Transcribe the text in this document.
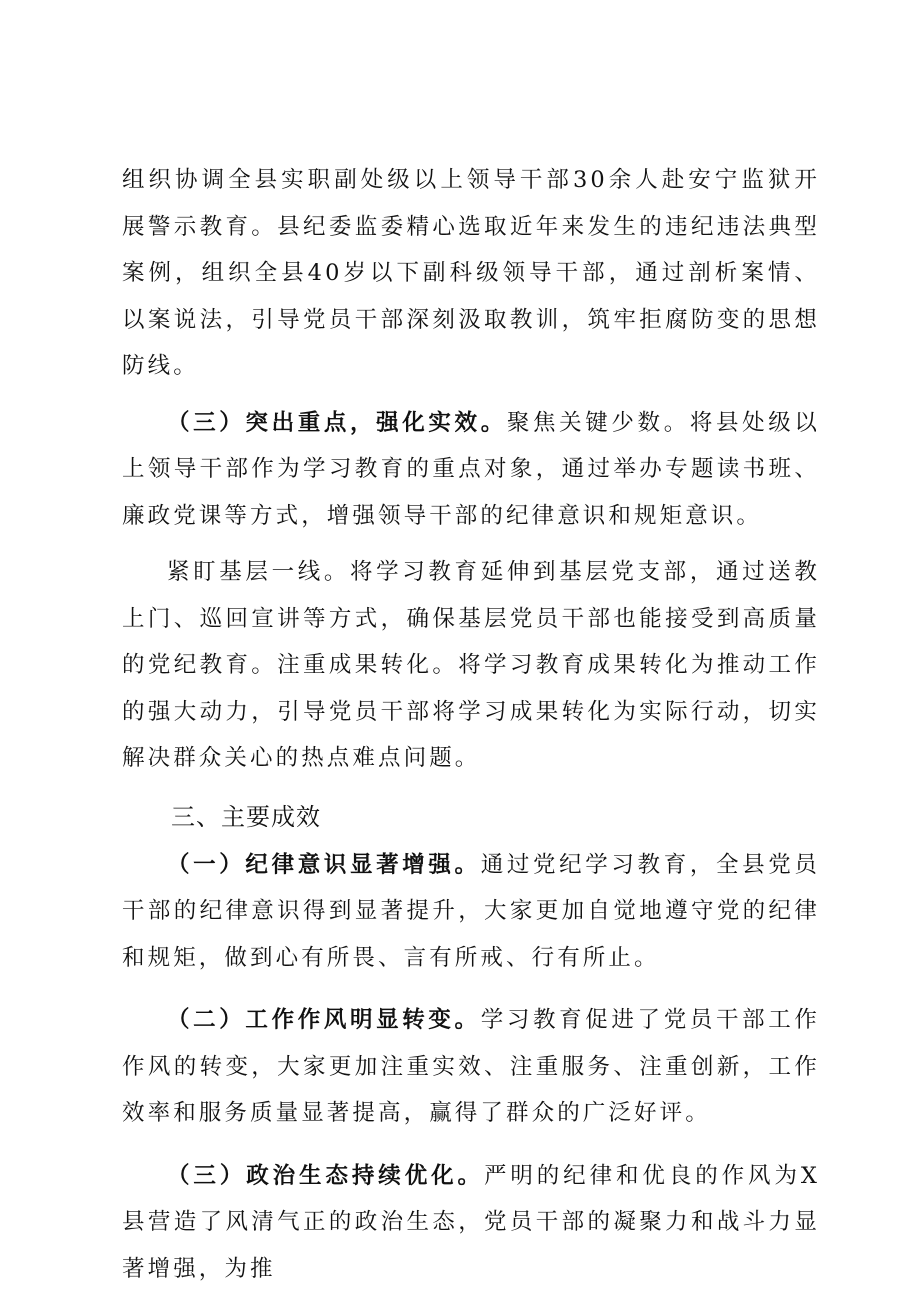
组织协调全县实职副处级以上领导干部30余人赴安宁监狱开展警示教育。县纪委监委精心选取近年来发生的违纪违法典型案例，组织全县40岁以下副科级领导干部，通过剖析案情、以案说法，引导党员干部深刻汲取教训，筑牢拒腐防变的思想防线。

（三）突出重点，强化实效。聚焦关键少数。将县处级以上领导干部作为学习教育的重点对象，通过举办专题读书班、廉政党课等方式，增强领导干部的纪律意识和规矩意识。

紧盯基层一线。将学习教育延伸到基层党支部，通过送教上门、巡回宣讲等方式，确保基层党员干部也能接受到高质量的党纪教育。注重成果转化。将学习教育成果转化为推动工作的强大动力，引导党员干部将学习成果转化为实际行动，切实解决群众关心的热点难点问题。

三、主要成效

（一）纪律意识显著增强。通过党纪学习教育，全县党员干部的纪律意识得到显著提升，大家更加自觉地遵守党的纪律和规矩，做到心有所畏、言有所戒、行有所止。

（二）工作作风明显转变。学习教育促进了党员干部工作作风的转变，大家更加注重实效、注重服务、注重创新，工作效率和服务质量显著提高，赢得了群众的广泛好评。

（三）政治生态持续优化。严明的纪律和优良的作风为X县营造了风清气正的政治生态，党员干部的凝聚力和战斗力显著增强，为推
